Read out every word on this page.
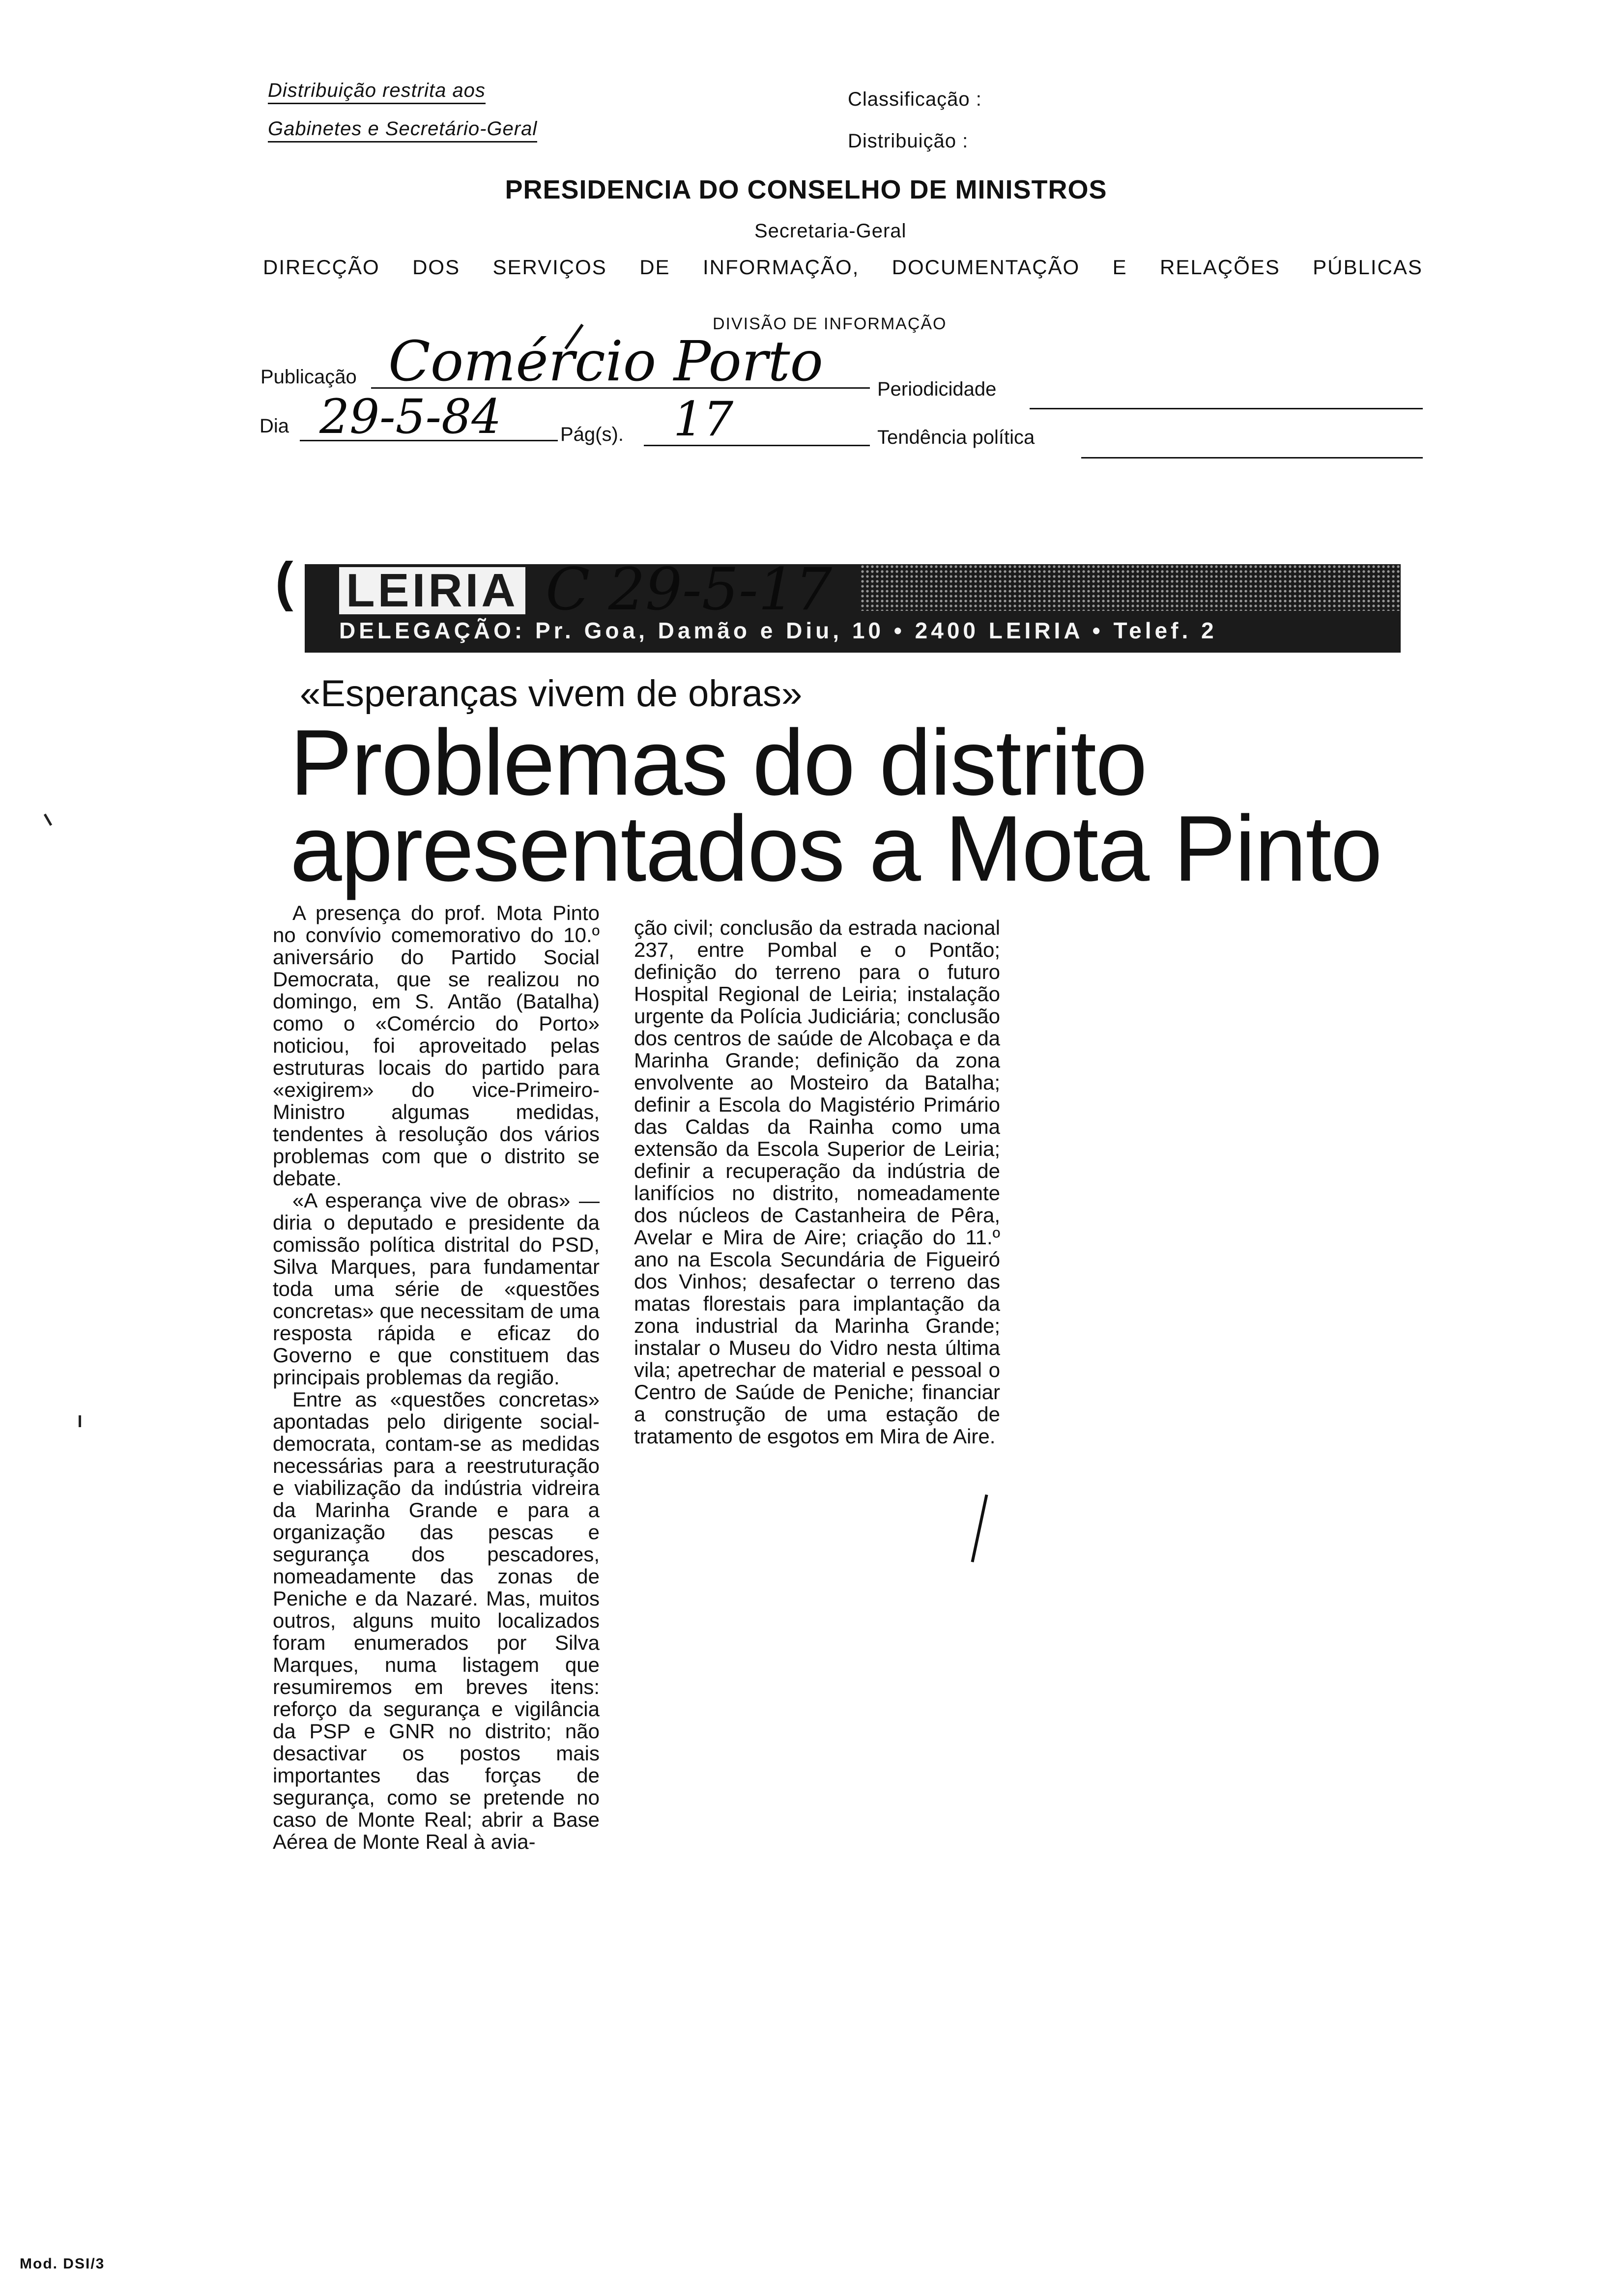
Distribuição restrita aos
Gabinetes e Secretário-Geral
Classificação :
Distribuição :
PRESIDENCIA DO CONSELHO DE MINISTROS
Secretaria-Geral
DIRECÇÃO DOS SERVIÇOS DE INFORMAÇÃO, DOCUMENTAÇÃO E RELAÇÕES PÚBLICAS
DIVISÃO DE INFORMAÇÃO
Publicação Comércio Porto	Periodicidade
Dia 29-5-84	Pág(s). 17	Tendência política
( LEIRIA
DELEGAÇÃO: Pr. Goa, Damão e Diu, 10 • 2400 LEIRIA • Telef. 2
C 29-5-17
«Esperanças vivem de obras»
Problemas do distrito
apresentados a Mota Pinto

A presença do prof. Mota Pinto no convívio comemorativo do 10.º aniversário do Partido Social Democrata, que se realizou no domingo, em S. Antão (Batalha) como o «Comércio do Porto» noticiou, foi aproveitado pelas estruturas locais do partido para «exigirem» do vice-Primeiro-Ministro algumas medidas, tendentes à resolução dos vários problemas com que o distrito se debate.

«A esperança vive de obras» — diria o deputado e presidente da comissão política distrital do PSD, Silva Marques, para fundamentar toda uma série de «questões concretas» que necessitam de uma resposta rápida e eficaz do Governo e que constituem das principais problemas da região.

Entre as «questões concretas» apontadas pelo dirigente social-democrata, contam-se as medidas necessárias para a reestruturação e viabilização da indústria vidreira da Marinha Grande e para a organização das pescas e segurança dos pescadores, nomeadamente das zonas de Peniche e da Nazaré. Mas, muitos outros, alguns muito localizados foram enumerados por Silva Marques, numa listagem que resumiremos em breves itens: reforço da segurança e vigilância da PSP e GNR no distrito; não desactivar os postos mais importantes das forças de segurança, como se pretende no caso de Monte Real; abrir a Base Aérea de Monte Real à avia-

ção civil; conclusão da estrada nacional 237, entre Pombal e o Pontão; definição do terreno para o futuro Hospital Regional de Leiria; instalação urgente da Polícia Judiciária; conclusão dos centros de saúde de Alcobaça e da Marinha Grande; definição da zona envolvente ao Mosteiro da Batalha; definir a Escola do Magistério Primário das Caldas da Rainha como uma extensão da Escola Superior de Leiria; definir a recuperação da indústria de lanifícios no distrito, nomeadamente dos núcleos de Castanheira de Pêra, Avelar e Mira de Aire; criação do 11.º ano na Escola Secundária de Figueiró dos Vinhos; desafectar o terreno das matas florestais para implantação da zona industrial da Marinha Grande; instalar o Museu do Vidro nesta última vila; apetrechar de material e pessoal o Centro de Saúde de Peniche; financiar a construção de uma estação de tratamento de esgotos em Mira de Aire.

Mod. DSI/3
